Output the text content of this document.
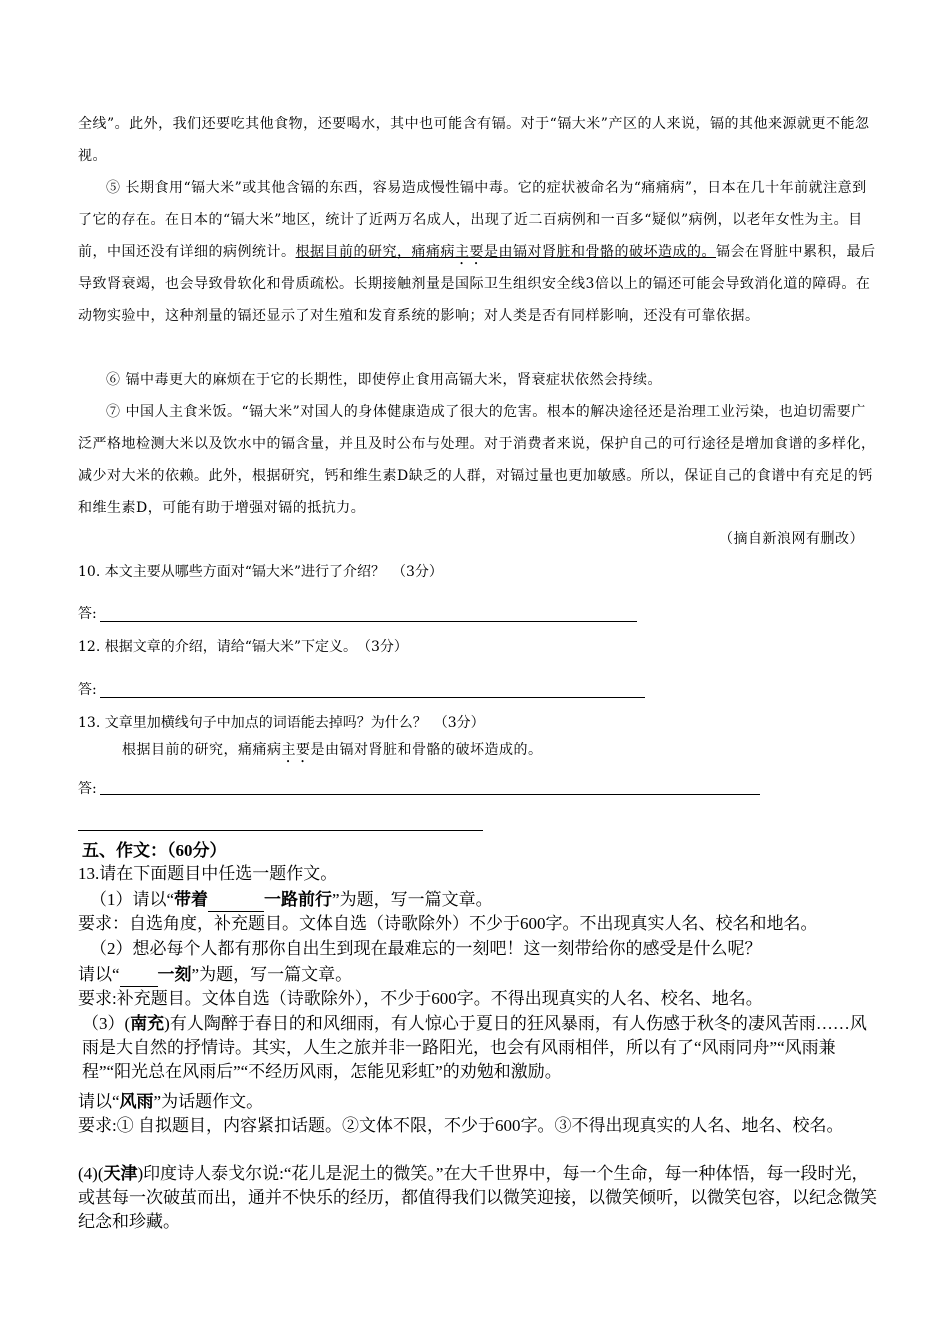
全线”。此外，我们还要吃其他食物，还要喝水，其中也可能含有镉。对于“镉大米”产区的人来说，镉的其他来源就更不能忽视。

⑤ 长期食用“镉大米”或其他含镉的东西，容易造成慢性镉中毒。它的症状被命名为“痛痛病”，日本在几十年前就注意到了它的存在。在日本的“镉大米”地区，统计了近两万名成人，出现了近二百病例和一百多“疑似”病例，以老年女性为主。目前，中国还没有详细的病例统计。根据目前的研究，痛痛病主要是由镉对肾脏和骨骼的破坏造成的。镉会在肾脏中累积，最后导致肾衰竭，也会导致骨软化和骨质疏松。长期接触剂量是国际卫生组织安全线3倍以上的镉还可能会导致消化道的障碍。在动物实验中，这种剂量的镉还显示了对生殖和发育系统的影响；对人类是否有同样影响，还没有可靠依据。

⑥ 镉中毒更大的麻烦在于它的长期性，即使停止食用高镉大米，肾衰症状依然会持续。

⑦ 中国人主食米饭。“镉大米”对国人的身体健康造成了很大的危害。根本的解决途径还是治理工业污染，也迫切需要广泛严格地检测大米以及饮水中的镉含量，并且及时公布与处理。对于消费者来说，保护自己的可行途径是增加食谱的多样化，减少对大米的依赖。此外，根据研究，钙和维生素D缺乏的人群，对镉过量也更加敏感。所以，保证自己的食谱中有充足的钙和维生素D，可能有助于增强对镉的抵抗力。

（摘自新浪网有删改）
10. 本文主要从哪些方面对“镉大米”进行了介绍？　（3分）
答:
12. 根据文章的介绍，请给“镉大米”下定义。　（3分）
答:
13. 文章里加横线句子中加点的词语能去掉吗？为什么？　（3分）
根据目前的研究，痛痛病主要是由镉对肾脏和骨骼的破坏造成的。
答:
五、作文：（60分）
13.请在下面题目中任选一题作文。
（1）请以“带着	一路前行”为题，写一篇文章。
要求：自选角度，补充题目。文体自选（诗歌除外）不少于600字。不出现真实人名、校名和地名。
（2）想必每个人都有那你自出生到现在最难忘的一刻吧！这一刻带给你的感受是什么呢？
请以“ 一刻”为题，写一篇文章。
要求:补充题目。文体自选（诗歌除外），不少于600字。不得出现真实的人名、校名、地名。
（3）(南充)有人陶醉于春日的和风细雨，有人惊心于夏日的狂风暴雨，有人伤感于秋冬的凄风苦雨……风雨是大自然的抒情诗。其实，人生之旅并非一路阳光，也会有风雨相伴，所以有了“风雨同舟”“风雨兼程”“阳光总在风雨后”“不经历风雨，怎能见彩虹”的劝勉和激励。
请以“风雨”为话题作文。
要求:① 自拟题目，内容紧扣话题。②文体不限，不少于600字。③不得出现真实的人名、地名、校名。
(4)(天津)印度诗人泰戈尔说:“花儿是泥土的微笑。”在大千世界中，每一个生命，每一种体悟，每一段时光，或甚每一次破茧而出，通并不快乐的经历，都值得我们以微笑迎接，以微笑倾听，以微笑包容，以纪念微笑纪念和珍藏。
